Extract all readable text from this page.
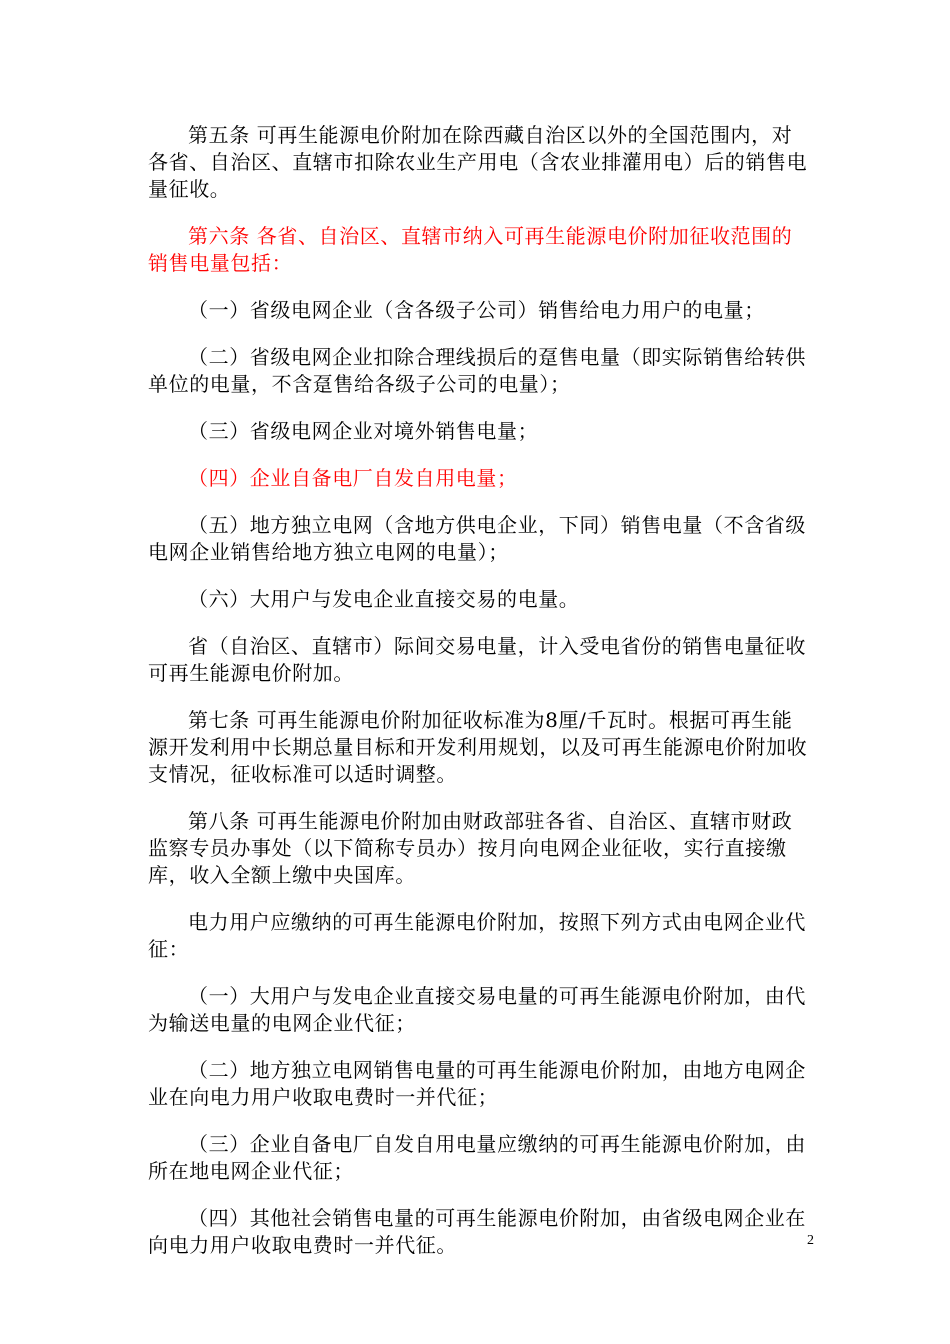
第五条 可再生能源电价附加在除西藏自治区以外的全国范围内，对各省、自治区、直辖市扣除农业生产用电（含农业排灌用电）后的销售电量征收。

第六条 各省、自治区、直辖市纳入可再生能源电价附加征收范围的销售电量包括：

（一）省级电网企业（含各级子公司）销售给电力用户的电量；

（二）省级电网企业扣除合理线损后的趸售电量（即实际销售给转供单位的电量，不含趸售给各级子公司的电量）；

（三）省级电网企业对境外销售电量；

（四）企业自备电厂自发自用电量；

（五）地方独立电网（含地方供电企业，下同）销售电量（不含省级电网企业销售给地方独立电网的电量）；

（六）大用户与发电企业直接交易的电量。

省（自治区、直辖市）际间交易电量，计入受电省份的销售电量征收可再生能源电价附加。

第七条 可再生能源电价附加征收标准为8厘/千瓦时。根据可再生能源开发利用中长期总量目标和开发利用规划，以及可再生能源电价附加收支情况，征收标准可以适时调整。

第八条 可再生能源电价附加由财政部驻各省、自治区、直辖市财政监察专员办事处（以下简称专员办）按月向电网企业征收，实行直接缴库，收入全额上缴中央国库。

电力用户应缴纳的可再生能源电价附加，按照下列方式由电网企业代征：

（一）大用户与发电企业直接交易电量的可再生能源电价附加，由代为输送电量的电网企业代征；

（二）地方独立电网销售电量的可再生能源电价附加，由地方电网企业在向电力用户收取电费时一并代征；

（三）企业自备电厂自发自用电量应缴纳的可再生能源电价附加，由所在地电网企业代征；

（四）其他社会销售电量的可再生能源电价附加，由省级电网企业在向电力用户收取电费时一并代征。	2
